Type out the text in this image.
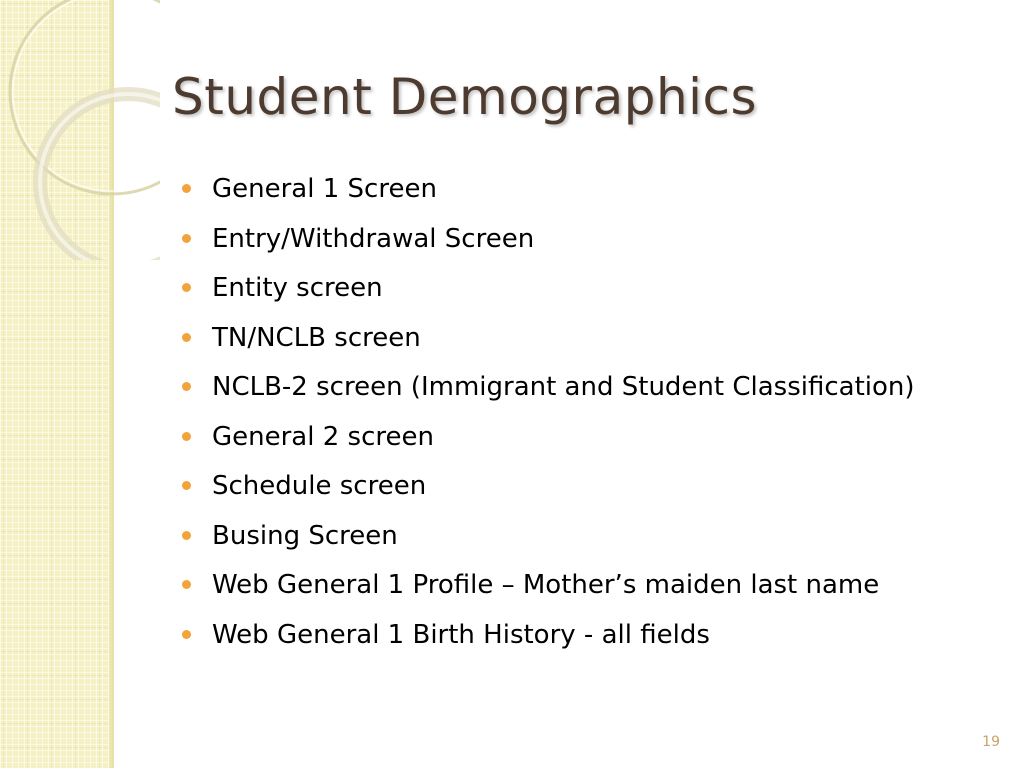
Student Demographics
General 1 Screen
Entry/Withdrawal Screen
Entity screen
TN/NCLB screen
NCLB-2 screen (Immigrant and Student Classification)
General 2 screen
Schedule screen
Busing Screen
Web General 1 Profile – Mother’s maiden last name
Web General 1 Birth History - all fields
19
